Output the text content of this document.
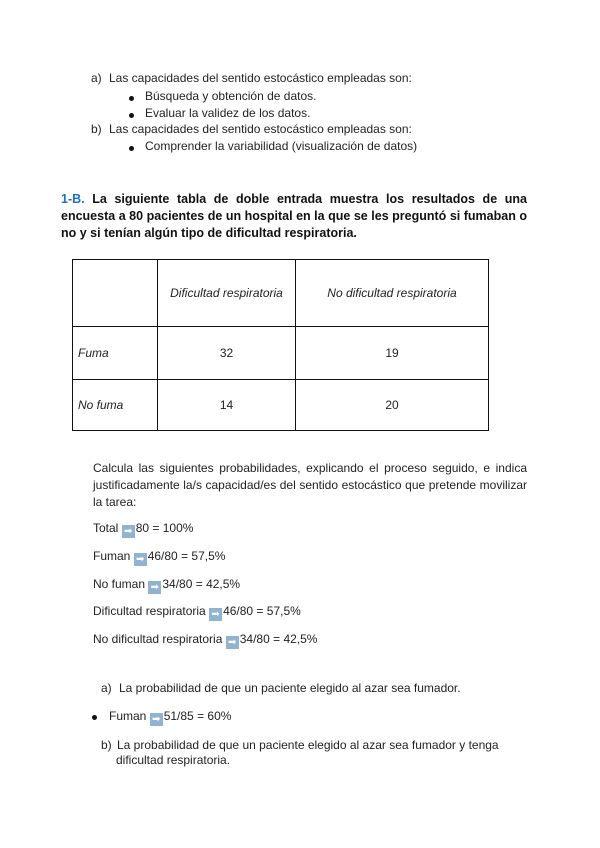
a) Las capacidades del sentido estocástico empleadas son:
Búsqueda y obtención de datos.
Evaluar la validez de los datos.
b) Las capacidades del sentido estocástico empleadas son:
Comprender la variabilidad (visualización de datos)
1-B. La siguiente tabla de doble entrada muestra los resultados de una
encuesta a 80 pacientes de un hospital en la que se les preguntó si fumaban o
no y si tenían algún tipo de dificultad respiratoria.
	Dificultad respiratoria	No dificultad respiratoria
Fuma	32	19
No fuma	14	20
Calcula las siguientes probabilidades, explicando el proceso seguido, e indica justificadamente la/s capacidad/es del sentido estocástico que pretende movilizar la tarea:
Total ➡ 80 = 100%
Fuman ➡ 46/80 = 57,5%
No fuman ➡ 34/80 = 42,5%
Dificultad respiratoria ➡ 46/80 = 57,5%
No dificultad respiratoria ➡ 34/80 = 42,5%
a) La probabilidad de que un paciente elegido al azar sea fumador.
Fuman ➡ 51/85 = 60%
b) La probabilidad de que un paciente elegido al azar sea fumador y tenga
dificultad respiratoria.
